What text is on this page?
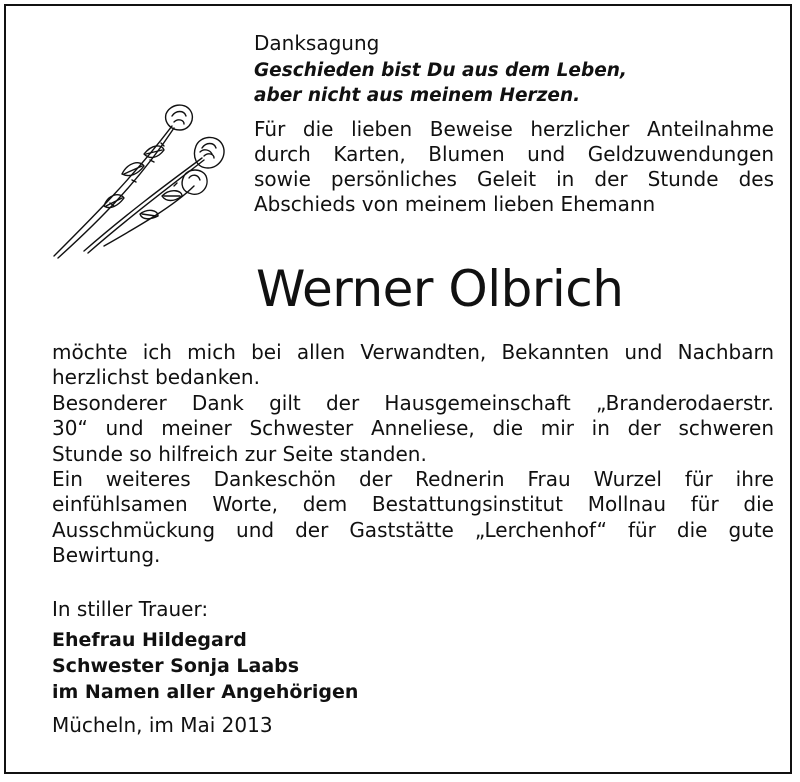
Danksagung
Geschieden bist Du aus dem Leben,
aber nicht aus meinem Herzen.
Für die lieben Beweise herzlicher Anteilnahme
durch Karten, Blumen und Geldzuwendungen
sowie persönliches Geleit in der Stunde des
Abschieds von meinem lieben Ehemann
Werner Olbrich
möchte ich mich bei allen Verwandten, Bekannten und Nachbarn
herzlichst bedanken.
Besonderer Dank gilt der Hausgemeinschaft „Branderodaerstr.
30“ und meiner Schwester Anneliese, die mir in der schweren
Stunde so hilfreich zur Seite standen.
Ein weiteres Dankeschön der Rednerin Frau Wurzel für ihre
einfühlsamen Worte, dem Bestattungsinstitut Mollnau für die
Ausschmückung und der Gaststätte „Lerchenhof“ für die gute
Bewirtung.
In stiller Trauer:
Ehefrau Hildegard
Schwester Sonja Laabs
im Namen aller Angehörigen
Mücheln, im Mai 2013
